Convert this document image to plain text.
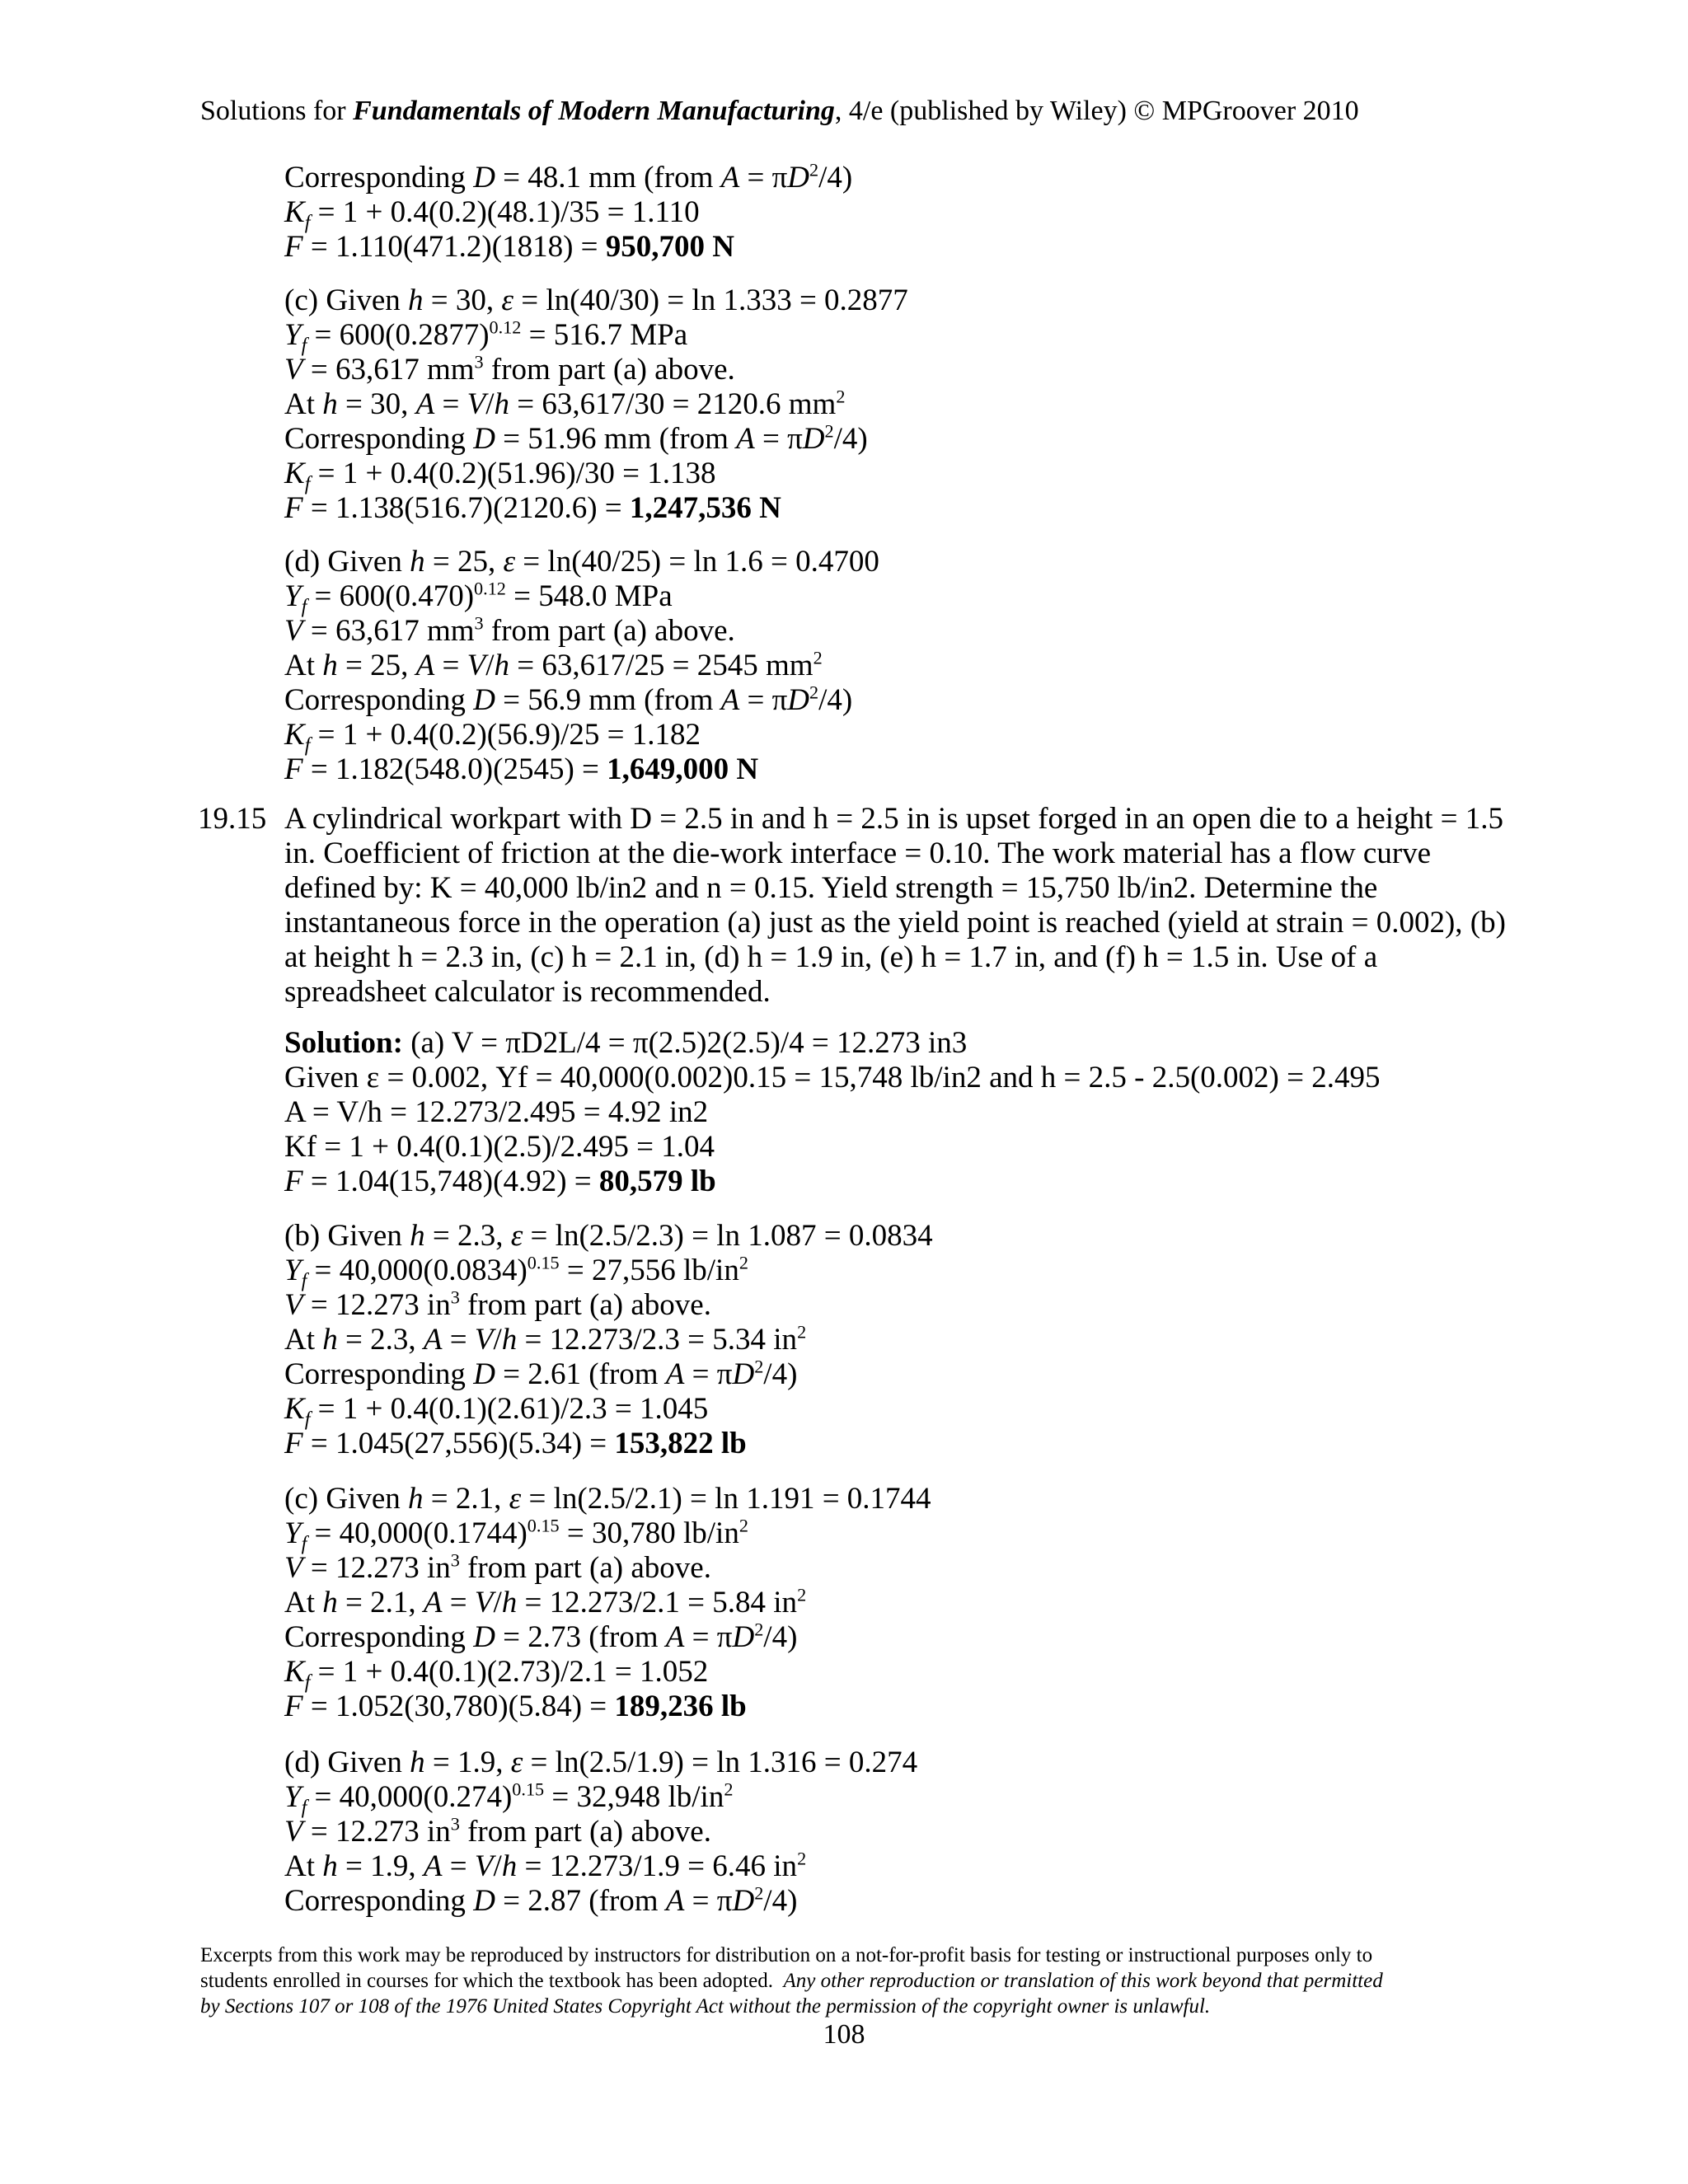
Solutions for Fundamentals of Modern Manufacturing, 4/e (published by Wiley) © MPGroover 2010
Corresponding D = 48.1 mm (from $A = \pi D^2/4$)
$K_f = 1 + 0.4(0.2)(48.1)/35 = 1.110$
F = 1.110(471.2)(1818) = 950,700 N
(c) Given h = 30, ε = ln(40/30) = ln 1.333 = 0.2877
$Y_f = 600(0.2877)^{0.12} = 516.7$ MPa
V = 63,617 $mm^3$ from part (a) above.
At h = 30, A = V/h = 63,617/30 = 2120.6 $mm^2$
Corresponding D = 51.96 mm (from $A = \pi D^2/4$)
$K_f = 1 + 0.4(0.2)(51.96)/30 = 1.138$
F = 1.138(516.7)(2120.6) = 1,247,536 N
(d) Given h = 25, ε = ln(40/25) = ln 1.6 = 0.4700
$Y_f = 600(0.470)^{0.12} = 548.0$ MPa
V = 63,617 $mm^3$ from part (a) above.
At h = 25, A = V/h = 63,617/25 = 2545 $mm^2$
Corresponding D = 56.9 mm (from $A = \pi D^2/4$)
$K_f = 1 + 0.4(0.2)(56.9)/25 = 1.182$
F = 1.182(548.0)(2545) = 1,649,000 N
19.15 A cylindrical workpart with D = 2.5 in and h = 2.5 in is upset forged in an open die to a height = 1.5
in. Coefficient of friction at the die-work interface = 0.10. The work material has a flow curve
defined by: K = 40,000 lb/in2 and n = 0.15. Yield strength = 15,750 lb/in2. Determine the
instantaneous force in the operation (a) just as the yield point is reached (yield at strain = 0.002), (b)
at height h = 2.3 in, (c) h = 2.1 in, (d) h = 1.9 in, (e) h = 1.7 in, and (f) h = 1.5 in. Use of a
spreadsheet calculator is recommended.
Solution: (a) V = πD2L/4 = π(2.5)2(2.5)/4 = 12.273 in3
Given ε = 0.002, Yf = 40,000(0.002)0.15 = 15,748 lb/in2 and h = 2.5 - 2.5(0.002) = 2.495
A = V/h = 12.273/2.495 = 4.92 in2
Kf = 1 + 0.4(0.1)(2.5)/2.495 = 1.04
F = 1.04(15,748)(4.92) = 80,579 lb
(b) Given h = 2.3, ε = ln(2.5/2.3) = ln 1.087 = 0.0834
$Y_f = 40,000(0.0834)^{0.15} = 27,556$ $lb/in^2$
V = 12.273 $in^3$ from part (a) above.
At h = 2.3, A = V/h = 12.273/2.3 = 5.34 $in^2$
Corresponding D = 2.61 (from $A = \pi D^2/4$)
$K_f = 1 + 0.4(0.1)(2.61)/2.3 = 1.045$
F = 1.045(27,556)(5.34) = 153,822 lb
(c) Given h = 2.1, ε = ln(2.5/2.1) = ln 1.191 = 0.1744
$Y_f = 40,000(0.1744)^{0.15} = 30,780$ $lb/in^2$
V = 12.273 $in^3$ from part (a) above.
At h = 2.1, A = V/h = 12.273/2.1 = 5.84 $in^2$
Corresponding D = 2.73 (from $A = \pi D^2/4$)
$K_f = 1 + 0.4(0.1)(2.73)/2.1 = 1.052$
F = 1.052(30,780)(5.84) = 189,236 lb
(d) Given h = 1.9, ε = ln(2.5/1.9) = ln 1.316 = 0.274
$Y_f = 40,000(0.274)^{0.15} = 32,948$ $lb/in^2$
V = 12.273 $in^3$ from part (a) above.
At h = 1.9, A = V/h = 12.273/1.9 = 6.46 $in^2$
Corresponding D = 2.87 (from $A = \pi D^2/4$)

Excerpts from this work may be reproduced by instructors for distribution on a not-for-profit basis for testing or instructional purposes only to

students enrolled in courses for which the textbook has been adopted. Any other reproduction or translation of this work beyond that permitted

by Sections 107 or 108 of the 1976 United States Copyright Act without the permission of the copyright owner is unlawful.

108
